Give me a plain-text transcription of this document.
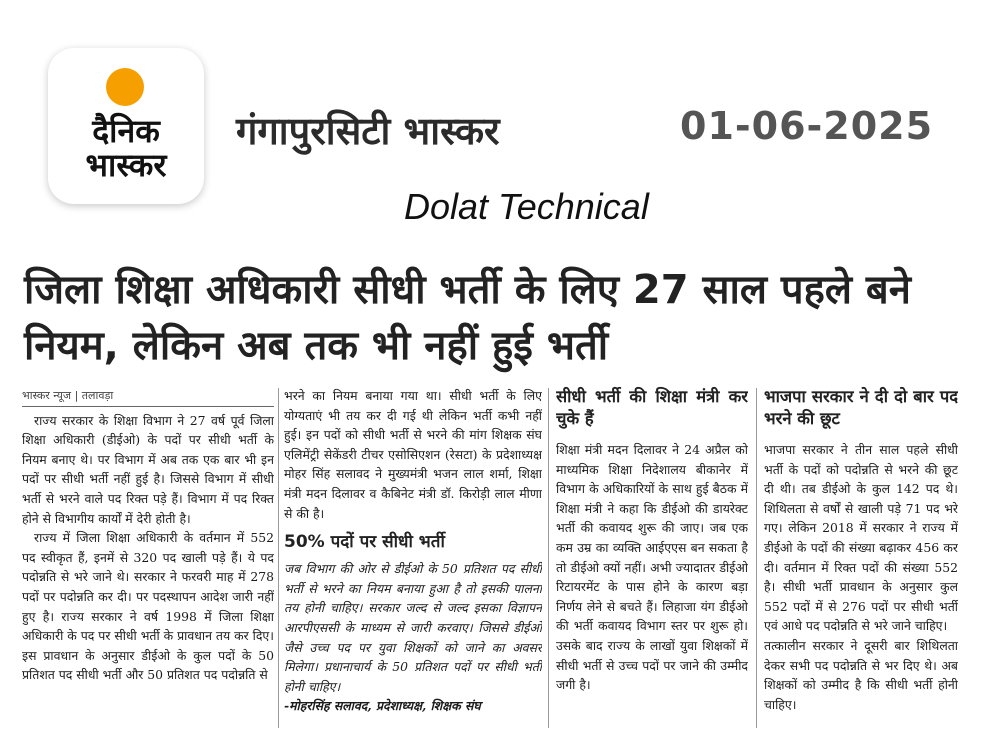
दैनिक
भास्कर
गंगापुरसिटी भास्कर	01-06-2025
Dolat Technical
जिला शिक्षा अधिकारी सीधी भर्ती के लिए 27 साल पहले बने नियम, लेकिन अब तक भी नहीं हुई भर्ती
भास्कर न्यूज | तलावड़ा

राज्य सरकार के शिक्षा विभाग ने 27 वर्ष पूर्व जिला शिक्षा अधिकारी (डीईओ) के पदों पर सीधी भर्ती के नियम बनाए थे। पर विभाग में अब तक एक बार भी इन पदों पर सीधी भर्ती नहीं हुई है। जिससे विभाग में सीधी भर्ती से भरने वाले पद रिक्त पड़े हैं। विभाग में पद रिक्त होने से विभागीय कार्यों में देरी होती है।

राज्य में जिला शिक्षा अधिकारी के वर्तमान में 552 पद स्वीकृत हैं, इनमें से 320 पद खाली पड़े हैं। ये पद पदोन्नति से भरे जाने थे। सरकार ने फरवरी माह में 278 पदों पर पदोन्नति कर दी। पर पदस्थापन आदेश जारी नहीं हुए है। राज्य सरकार ने वर्ष 1998 में जिला शिक्षा अधिकारी के पद पर सीधी भर्ती के प्रावधान तय कर दिए। इस प्रावधान के अनुसार डीईओ के कुल पदों के 50 प्रतिशत पद सीधी भर्ती और 50 प्रतिशत पद पदोन्नति से

भरने का नियम बनाया गया था। सीधी भर्ती के लिए योग्यताएं भी तय कर दी गई थी लेकिन भर्ती कभी नहीं हुई। इन पदों को सीधी भर्ती से भरने की मांग शिक्षक संघ एलिमेंट्री सेकेंडरी टीचर एसोसिएशन (रेसटा) के प्रदेशाध्यक्ष मोहर सिंह सलावद ने मुख्यमंत्री भजन लाल शर्मा, शिक्षा मंत्री मदन दिलावर व कैबिनेट मंत्री डॉ. किरोड़ी लाल मीणा से की है।

50% पदों पर सीधी भर्ती

जब विभाग की ओर से डीईओ के 50 प्रतिशत पद सीधी भर्ती से भरने का नियम बनाया हुआ है तो इसकी पालना तय होनी चाहिए। सरकार जल्द से जल्द इसका विज्ञापन आरपीएससी के माध्यम से जारी करवाए। जिससे डीईओ जैसे उच्च पद पर युवा शिक्षकों को जाने का अवसर मिलेगा। प्रधानाचार्य के 50 प्रतिशत पदों पर सीधी भर्ती होनी चाहिए।

-मोहरसिंह सलावद, प्रदेशाध्यक्ष, शिक्षक संघ

सीधी भर्ती की शिक्षा मंत्री कर चुके हैं

शिक्षा मंत्री मदन दिलावर ने 24 अप्रैल को माध्यमिक शिक्षा निदेशालय बीकानेर में विभाग के अधिकारियों के साथ हुई बैठक में शिक्षा मंत्री ने कहा कि डीईओ की डायरेक्ट भर्ती की कवायद शुरू की जाए। जब एक कम उम्र का व्यक्ति आईएएस बन सकता है तो डीईओ क्यों नहीं। अभी ज्यादातर डीईओ रिटायरमेंट के पास होने के कारण बड़ा निर्णय लेने से बचते हैं। लिहाजा यंग डीईओ की भर्ती कवायद विभाग स्तर पर शुरू हो। उसके बाद राज्य के लाखों युवा शिक्षकों में सीधी भर्ती से उच्च पदों पर जाने की उम्मीद जगी है।

भाजपा सरकार ने दी दो बार पद भरने की छूट

भाजपा सरकार ने तीन साल पहले सीधी भर्ती के पदों को पदोन्नति से भरने की छूट दी थी। तब डीईओ के कुल 142 पद थे। शिथिलता से वर्षों से खाली पड़े 71 पद भरे गए। लेकिन 2018 में सरकार ने राज्य में डीईओ के पदों की संख्या बढ़ाकर 456 कर दी। वर्तमान में रिक्त पदों की संख्या 552 है। सीधी भर्ती प्रावधान के अनुसार कुल 552 पदों में से 276 पदों पर सीधी भर्ती एवं आधे पद पदोन्नति से भरे जाने चाहिए।

तत्कालीन सरकार ने दूसरी बार शिथिलता देकर सभी पद पदोन्नति से भर दिए थे। अब शिक्षकों को उम्मीद है कि सीधी भर्ती होनी चाहिए।
